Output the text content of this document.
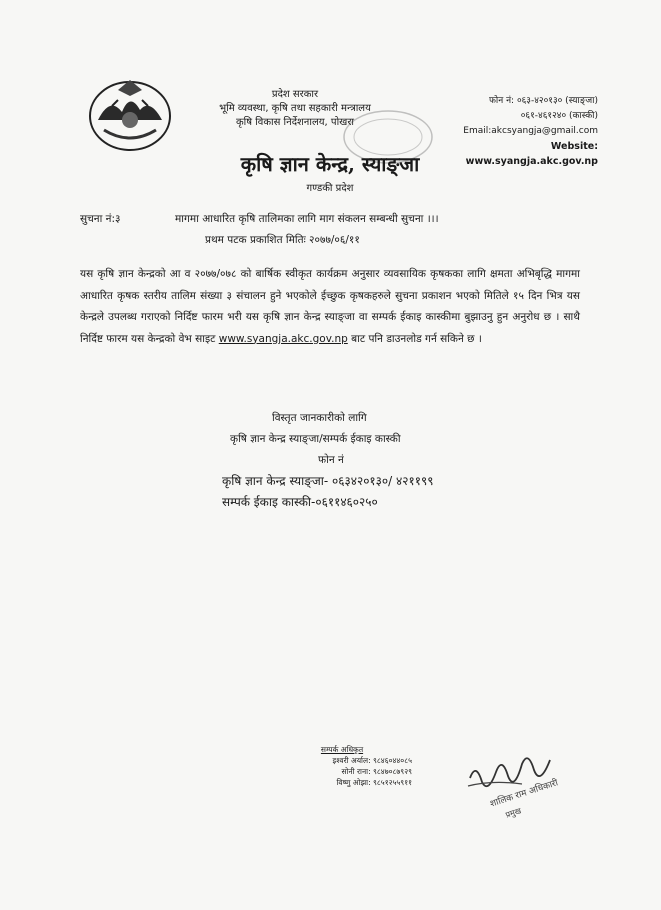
प्रदेश सरकार
भूमि व्यवस्था, कृषि तथा सहकारी मन्त्रालय
कृषि विकास निर्देशनालय, पोखरा
फोन नं: ०६३-४२०१३० (स्याङ्जा)
०६१-४६१२४० (कास्की)
Email:akcsyangja@gmail.com
Website: www.syangja.akc.gov.np
कृषि ज्ञान केन्द्र, स्याङ्जा
गण्डकी प्रदेश
सुचना नं:३	मागमा आधारित कृषि तालिमका लागि माग संकलन सम्बन्धी सुचना ।।।
प्रथम पटक प्रकाशित मितिः २०७७/०६/११
यस कृषि ज्ञान केन्द्रको आ व २०७७/०७८ को बार्षिक स्वीकृत कार्यक्रम अनुसार व्यवसायिक कृषकका लागि क्षमता अभिबृद्धि मागमा आधारित कृषक स्तरीय तालिम संख्या ३ संचालन हुने भएकोले ईच्छुक कृषकहरुले सुचना प्रकाशन भएको मितिले १५ दिन भित्र यस केन्द्रले उपलब्ध गराएको निर्दिष्ट फारम भरी यस कृषि ज्ञान केन्द्र स्याङ्जा वा सम्पर्क ईकाइ कास्कीमा बुझाउनु हुन अनुरोध छ । साथै निर्दिष्ट फारम यस केन्द्रको वेभ साइट www.syangja.akc.gov.np बाट पनि डाउनलोड गर्न सकिने छ ।
विस्तृत जानकारीको लागि
कृषि ज्ञान केन्द्र स्याङ्जा/सम्पर्क ईकाइ कास्की
फोन नं
कृषि ज्ञान केन्द्र स्याङ्जा- ०६३४२०१३०/ ४२११९९
सम्पर्क ईकाइ कास्की-०६११४६०२५०
सम्पर्क अधिकृत
इश्वरी अर्याल: ९८४६०४४०८५
सोनी राना: ९८४७०८७९२९
विष्णु ओझा: ९८५१२५५९११	शालिक राम अधिकारी
प्रमुख
